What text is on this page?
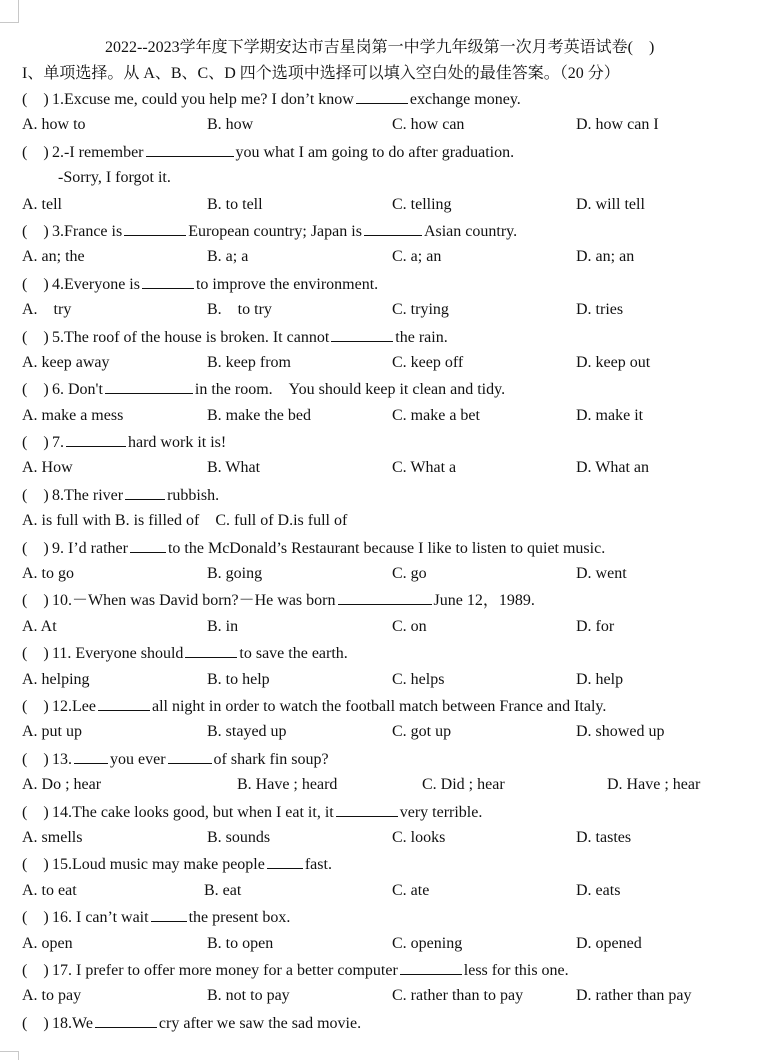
2022--2023学年度下学期安达市吉星岗第一中学九年级第一次月考英语试卷(　)
I、单项选择。从 A、B、C、D 四个选项中选择可以填入空白处的最佳答案。（20 分）
(　) 1.Excuse me, could you help me? I don’t know	exchange money.
A. how to	B. how	C. how can	D. how can I
(　) 2.-I remember	you what I am going to do after graduation.
-Sorry, I forgot it.
A. tell	B. to tell	C. telling	D. will tell
(　) 3.France is	European country; Japan is	Asian country.
A. an; the	B. a; a	C. a; an	D. an; an
(　) 4.Everyone is	to improve the environment.
A.　try	B.　to try	C. trying	D. tries
(　) 5.The roof of the house is broken. It cannot	the rain.
A. keep away	B. keep from	C. keep off	D. keep out
(　) 6. Don't	in the room.　You should keep it clean and tidy.
A. make a mess	B. make the bed	C. make a bet	D. make it
(　) 7.	hard work it is!
A. How	B. What	C. What a	D. What an
(　) 8.The river	rubbish.
A. is full with B. is filled of　C. full of D.is full of
(　) 9. I’d rather	to the McDonald’s Restaurant because I like to listen to quiet music.
A. to go	B. going	C. go	D. went
(　) 10.－When was David born?－He was born	June 12，1989.
A. At	B. in	C. on	D. for
(　) 11. Everyone should	to save the earth.
A. helping	B. to help	C. helps	D. help
(　) 12.Lee	all night in order to watch the football match between France and Italy.
A. put up	B. stayed up	C. got up	D. showed up
(　) 13. you ever	of shark fin soup?
A. Do ; hear	B. Have ; heard	C. Did ; hear	D. Have ; hear
(　) 14.The cake looks good, but when I eat it, it	very terrible.
A. smells	B. sounds	C. looks	D. tastes
(　) 15.Loud music may make people	fast.
A. to eat	B. eat	C. ate	D. eats
(　) 16. I can’t wait	the present box.
A. open	B. to open	C. opening	D. opened
(　) 17. I prefer to offer more money for a better computer	less for this one.
A. to pay	B. not to pay	C. rather than to pay	D. rather than pay
(　) 18.We	cry after we saw the sad movie.
